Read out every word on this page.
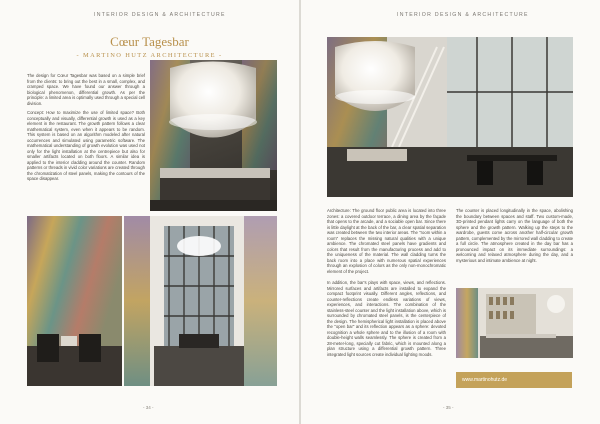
INTERIOR DESIGN & ARCHITECTURE
Cœur Tagesbar
- MARTINO HUTZ ARCHITECTURE -

The design for Cœur Tagesbar was based on a simple brief from the clients: to bring out the best in a small, complex, and cramped space. We have found our answer through a biological phenomenon, differential growth. As per the principle: a limited area is optimally used through a special cell division.

Concept: How to maximize the use of limited space? Both conceptually and visually, differential growth is used as a key element in the restaurant. The growth pattern follows a clear mathematical system, even when it appears to be random. This system is based on an algorithm modeled after natural occurrences and simulated using parametric software. The mathematical understanding of growth evolution was used not only for the light installation at the centrepiece but also for smaller artifacts located on both floors. A similar idea is applied to the interior cladding around the counter. Random patterns or threads in vivid color variations are created through the chromatization of steel panels, making the contours of the space disappear.

- 34 -
INTERIOR DESIGN & ARCHITECTURE

Architecture: The ground floor public area is located into three zones: a covered outdoor terrace, a dining area by the façade that opens to the arcade, and a sociable open bar. Since there is little daylight at the back of the bar, a clear spatial separation was created between the two interior areas. The "room within a room" replaces the missing natural qualities with a unique ambience. The chromated steel panels have gradients and colors that result from the manufacturing process and add to the uniqueness of the material. The wall cladding turns the back room into a place with numerous spatial experiences through an explosion of colors as the only non-monochromatic element of the project.

In addition, the bar's plays with space, views, and reflections. Mirrored surfaces and artifacts are installed to expand the compact footprint visually. Different angles, reflections, and counter-reflections create endless variations of views, experiences, and interactions. The combination of the stainless-steel counter and the light installation above, which is surrounded by chromated steel panels, is the centerpiece of the design. The hemispherical light installation is placed above the "open bar" and its reflection appears as a sphere: devoted recognition a whole sphere and to the illusion of a room with double-height walls seamlessly. The sphere is created from a 28-meter-long, specially cut fabric, which is mounted along a plan structure using a differential growth pattern. Three integrated light sources create individual lighting moods.

The counter is placed longitudinally in the space, abolishing the boundary between spaces and staff. Two custom-made, 3D-printed pendant lights carry on the language of both the sphere and the growth pattern. Walking up the steps to the wardrobe, guests come across another half-circular growth pattern, complemented by the mirrored wall cladding to create a full circle. The atmosphere created in the day bar has a pronounced impact on its immediate surroundings: a welcoming and relaxed atmosphere during the day, and a mysterious and intimate ambience at night.

www.martinohutz.de
- 35 -
